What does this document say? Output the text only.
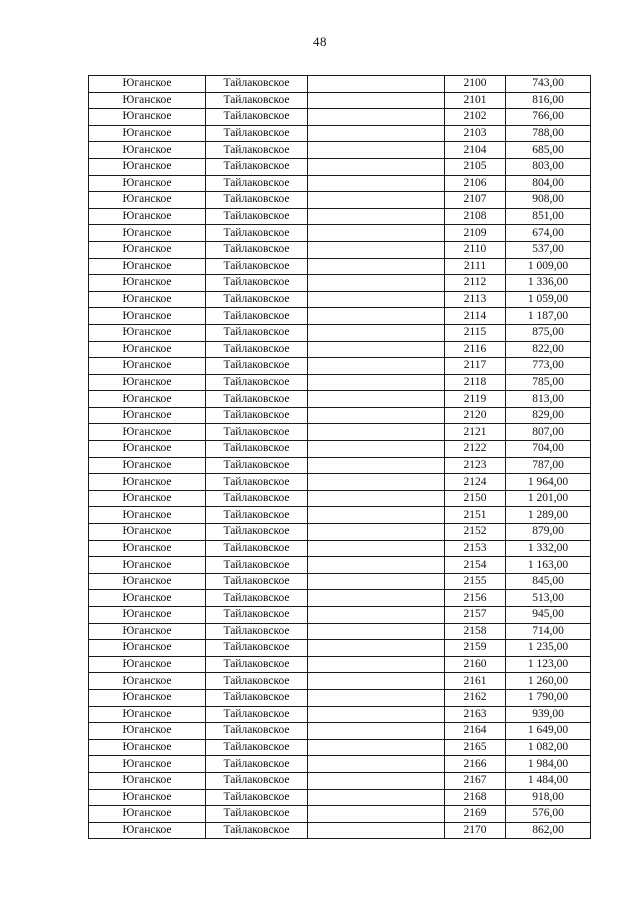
48
Юганское	Тайлаковское		2100	743,00
Юганское	Тайлаковское		2101	816,00
Юганское	Тайлаковское		2102	766,00
Юганское	Тайлаковское		2103	788,00
Юганское	Тайлаковское		2104	685,00
Юганское	Тайлаковское		2105	803,00
Юганское	Тайлаковское		2106	804,00
Юганское	Тайлаковское		2107	908,00
Юганское	Тайлаковское		2108	851,00
Юганское	Тайлаковское		2109	674,00
Юганское	Тайлаковское		2110	537,00
Юганское	Тайлаковское		2111	1 009,00
Юганское	Тайлаковское		2112	1 336,00
Юганское	Тайлаковское		2113	1 059,00
Юганское	Тайлаковское		2114	1 187,00
Юганское	Тайлаковское		2115	875,00
Юганское	Тайлаковское		2116	822,00
Юганское	Тайлаковское		2117	773,00
Юганское	Тайлаковское		2118	785,00
Юганское	Тайлаковское		2119	813,00
Юганское	Тайлаковское		2120	829,00
Юганское	Тайлаковское		2121	807,00
Юганское	Тайлаковское		2122	704,00
Юганское	Тайлаковское		2123	787,00
Юганское	Тайлаковское		2124	1 964,00
Юганское	Тайлаковское		2150	1 201,00
Юганское	Тайлаковское		2151	1 289,00
Юганское	Тайлаковское		2152	879,00
Юганское	Тайлаковское		2153	1 332,00
Юганское	Тайлаковское		2154	1 163,00
Юганское	Тайлаковское		2155	845,00
Юганское	Тайлаковское		2156	513,00
Юганское	Тайлаковское		2157	945,00
Юганское	Тайлаковское		2158	714,00
Юганское	Тайлаковское		2159	1 235,00
Юганское	Тайлаковское		2160	1 123,00
Юганское	Тайлаковское		2161	1 260,00
Юганское	Тайлаковское		2162	1 790,00
Юганское	Тайлаковское		2163	939,00
Юганское	Тайлаковское		2164	1 649,00
Юганское	Тайлаковское		2165	1 082,00
Юганское	Тайлаковское		2166	1 984,00
Юганское	Тайлаковское		2167	1 484,00
Юганское	Тайлаковское		2168	918,00
Юганское	Тайлаковское		2169	576,00
Юганское	Тайлаковское		2170	862,00
